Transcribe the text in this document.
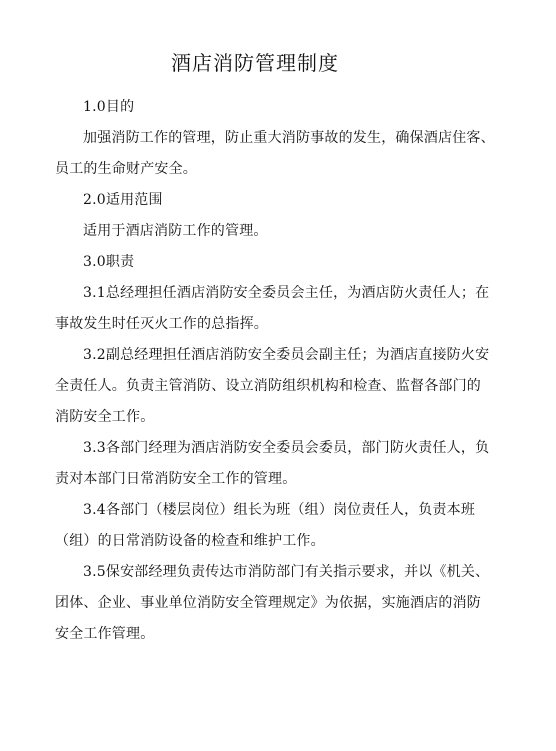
酒店消防管理制度

1.0目的

加强消防工作的管理，防止重大消防事故的发生，确保酒店住客、员工的生命财产安全。

2.0适用范围

适用于酒店消防工作的管理。

3.0职责

3.1总经理担任酒店消防安全委员会主任，为酒店防火责任人；在事故发生时任灭火工作的总指挥。

3.2副总经理担任酒店消防安全委员会副主任；为酒店直接防火安全责任人。负责主管消防、设立消防组织机构和检查、监督各部门的消防安全工作。

3.3各部门经理为酒店消防安全委员会委员，部门防火责任人，负责对本部门日常消防安全工作的管理。

3.4各部门（楼层岗位）组长为班（组）岗位责任人，负责本班（组）的日常消防设备的检查和维护工作。

3.5保安部经理负责传达市消防部门有关指示要求，并以《机关、团体、企业、事业单位消防安全管理规定》为依据，实施酒店的消防安全工作管理。
